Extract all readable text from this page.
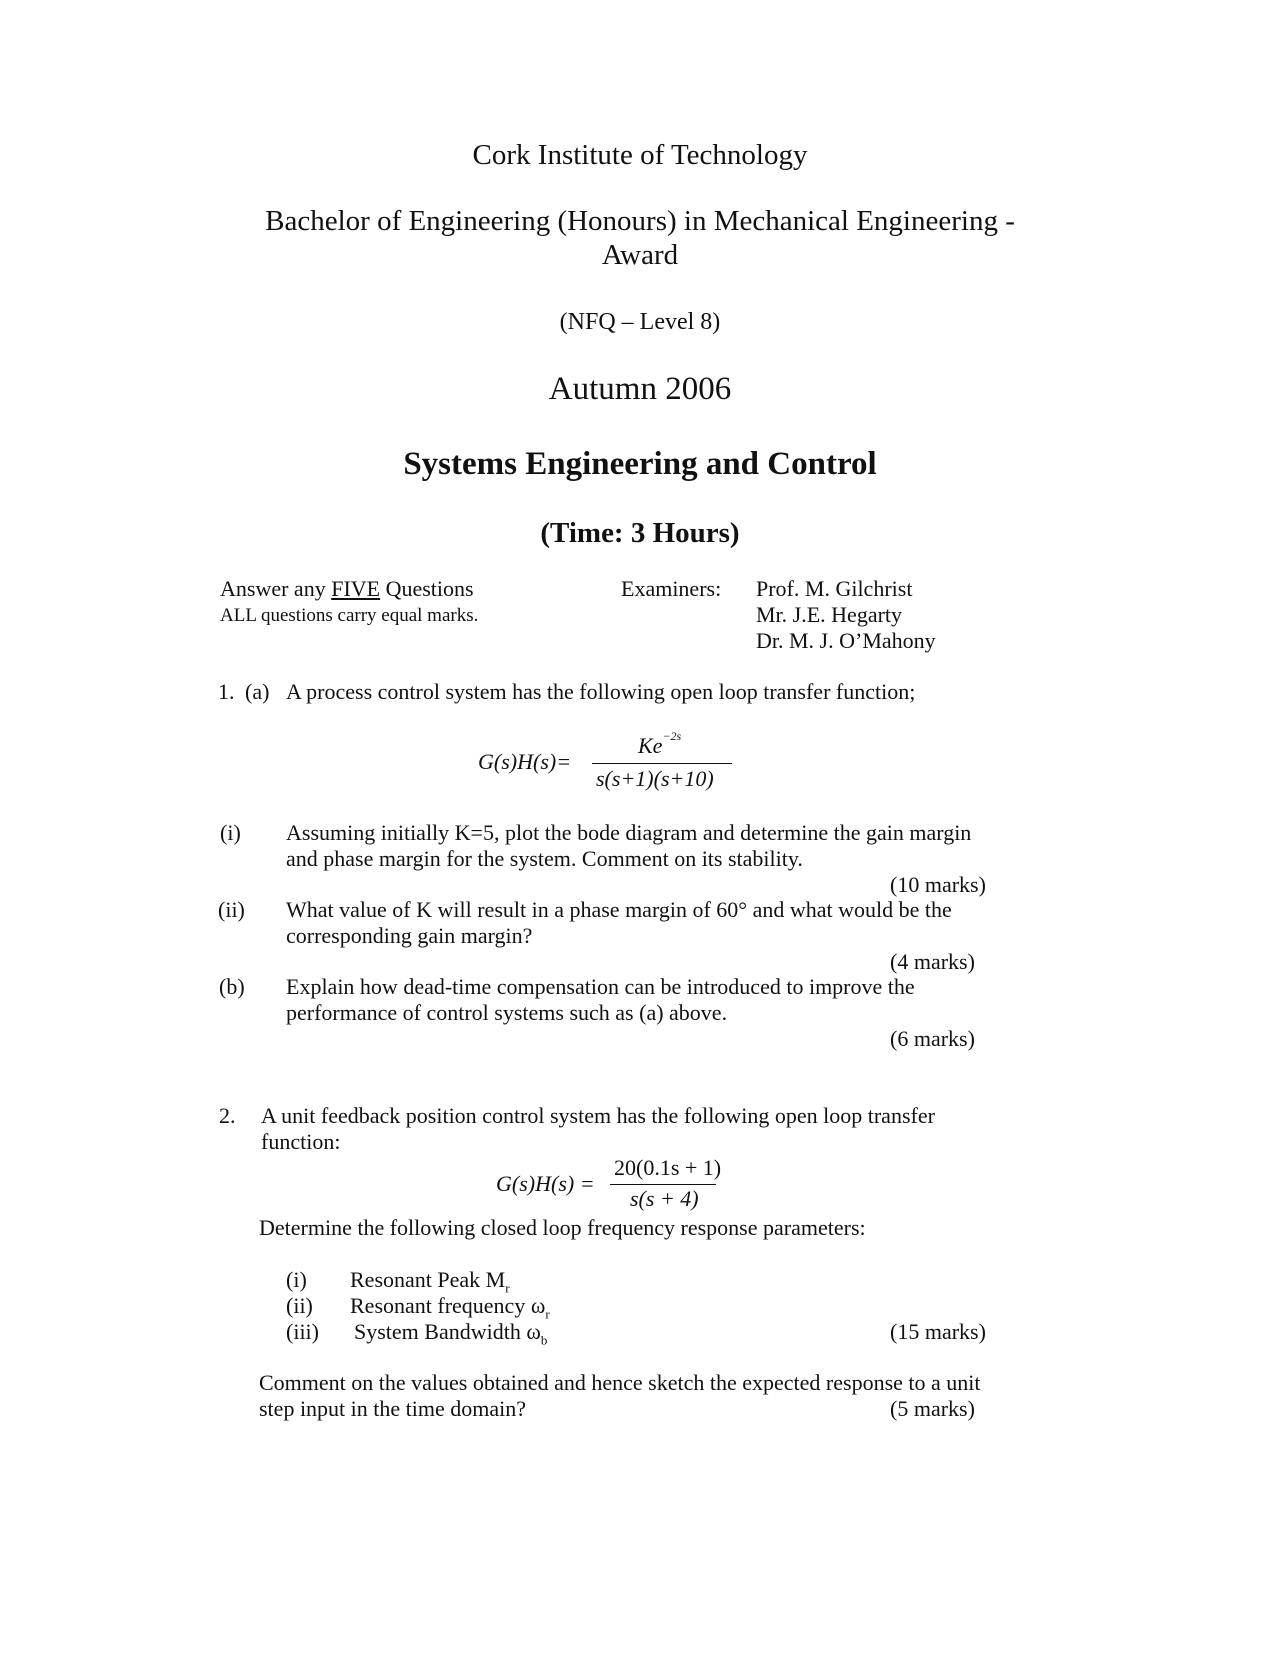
Cork Institute of Technology
Bachelor of Engineering (Honours) in Mechanical Engineering -
Award
(NFQ – Level 8)
Autumn 2006
Systems Engineering and Control
(Time: 3 Hours)
Answer any FIVE Questions
ALL questions carry equal marks.
Examiners: Prof. M. Gilchrist
Mr. J.E. Hegarty
Dr. M. J. O’Mahony
1. (a) A process control system has the following open loop transfer function;
G(s)H(s)=
$Ke^{-2s}$
s(s+1)(s+10)
(i) Assuming initially K=5, plot the bode diagram and determine the gain margin
and phase margin for the system. Comment on its stability.
(10 marks)
(ii) What value of K will result in a phase margin of 60° and what would be the
corresponding gain margin?
(4 marks)
(b) Explain how dead-time compensation can be introduced to improve the
performance of control systems such as (a) above.
(6 marks)
2. A unit feedback position control system has the following open loop transfer
function:
G(s)H(s) =
20(0.1s + 1)
s(s + 4)
Determine the following closed loop frequency response parameters:
(i) Resonant Peak $M_r$
(ii) Resonant frequency $\omega_r$
(iii) System Bandwidth $\omega_b$	(15 marks)
Comment on the values obtained and hence sketch the expected response to a unit
step input in the time domain?	(5 marks)
